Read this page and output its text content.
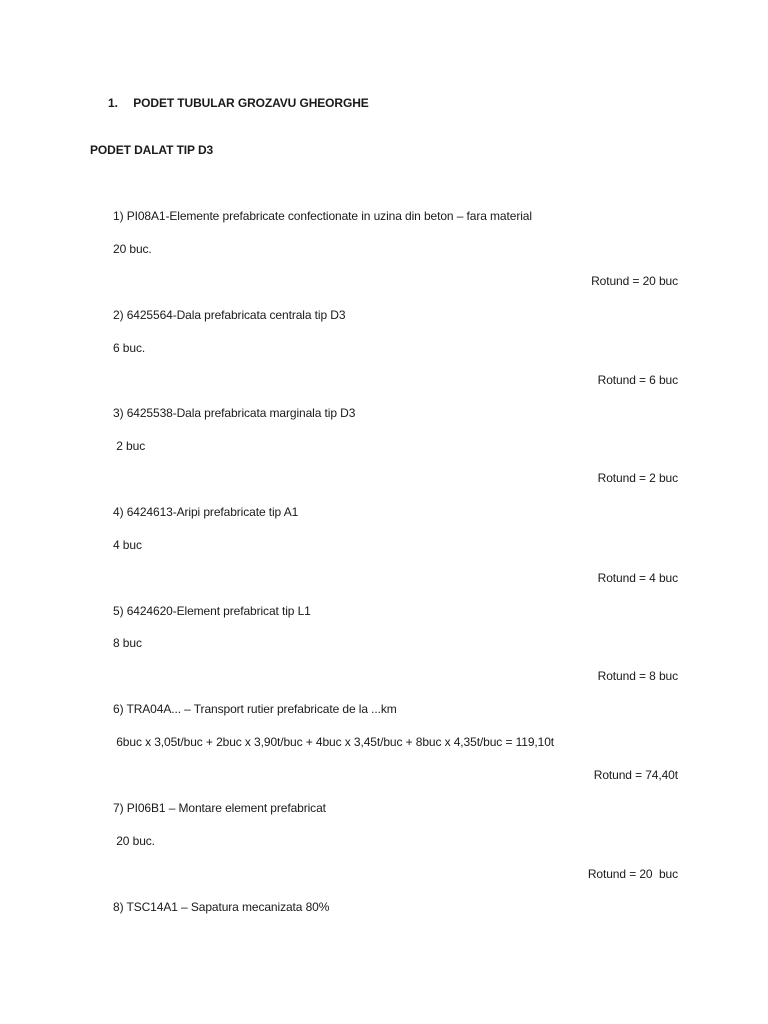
1. PODET TUBULAR GROZAVU GHEORGHE
PODET DALAT TIP D3
1) PI08A1-Elemente prefabricate confectionate in uzina din beton – fara material
20 buc.
Rotund = 20 buc
2) 6425564-Dala prefabricata centrala tip D3
6 buc.
Rotund = 6 buc
3) 6425538-Dala prefabricata marginala tip D3
2 buc
Rotund = 2 buc
4) 6424613-Aripi prefabricate tip A1
4 buc
Rotund = 4 buc
5) 6424620-Element prefabricat tip L1
8 buc
Rotund = 8 buc
6) TRA04A... – Transport rutier prefabricate de la ...km
6buc x 3,05t/buc + 2buc x 3,90t/buc + 4buc x 3,45t/buc + 8buc x 4,35t/buc = 119,10t
Rotund = 74,40t
7) PI06B1 – Montare element prefabricat
20 buc.
Rotund = 20  buc
8) TSC14A1 – Sapatura mecanizata 80%
